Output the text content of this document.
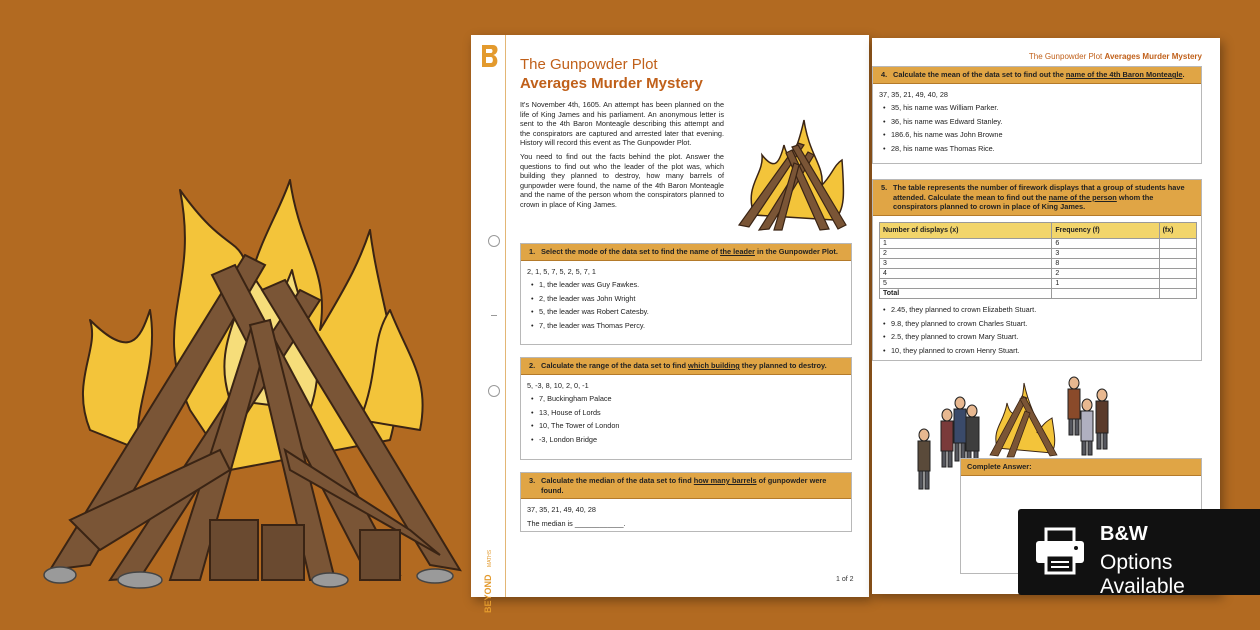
BEYOND
MATHS
The Gunpowder Plot
Averages Murder Mystery

It's November 4th, 1605. An attempt has been planned on the life of King James and his parliament. An anonymous letter is sent to the 4th Baron Monteagle describing this attempt and the conspirators are captured and arrested later that evening. History will record this event as The Gunpowder Plot.

You need to find out the facts behind the plot. Answer the questions to find out who the leader of the plot was, which building they planned to destroy, how many barrels of gunpowder were found, the name of the 4th Baron Monteagle and the name of the person whom the conspirators planned to crown in place of King James.

1. Select the mode of the data set to find the name of the leader in the Gunpowder Plot.
2, 1, 5, 7, 5, 2, 5, 7, 1
• 1, the leader was Guy Fawkes.
• 2, the leader was John Wright
• 5, the leader was Robert Catesby.
• 7, the leader was Thomas Percy.
2. Calculate the range of the data set to find which building they planned to destroy.
5, -3, 8, 10, 2, 0, -1
• 7, Buckingham Palace
• 13, House of Lords
• 10, The Tower of London
• -3, London Bridge
3. Calculate the median of the data set to find how many barrels of gunpowder were found.
37, 35, 21, 49, 40, 28
The median is ____________.
1 of 2
The Gunpowder Plot Averages Murder Mystery
4. Calculate the mean of the data set to find out the name of the 4th Baron Monteagle.
37, 35, 21, 49, 40, 28
• 35, his name was William Parker.
• 36, his name was Edward Stanley.
• 186.6, his name was John Browne
• 28, his name was Thomas Rice.
5. The table represents the number of firework displays that a group of students have attended. Calculate the mean to find out the name of the person whom the conspirators planned to crown in place of King James.
Number of displays (x)	Frequency (f)	(fx)
1	6	
2	3	
3	8	
4	2	
5	1	
Total		
• 2.45, they planned to crown Elizabeth Stuart.
• 9.8, they planned to crown Charles Stuart.
• 2.5, they planned to crown Mary Stuart.
• 10, they planned to crown Henry Stuart.
Complete Answer:
B&W
Options Available
